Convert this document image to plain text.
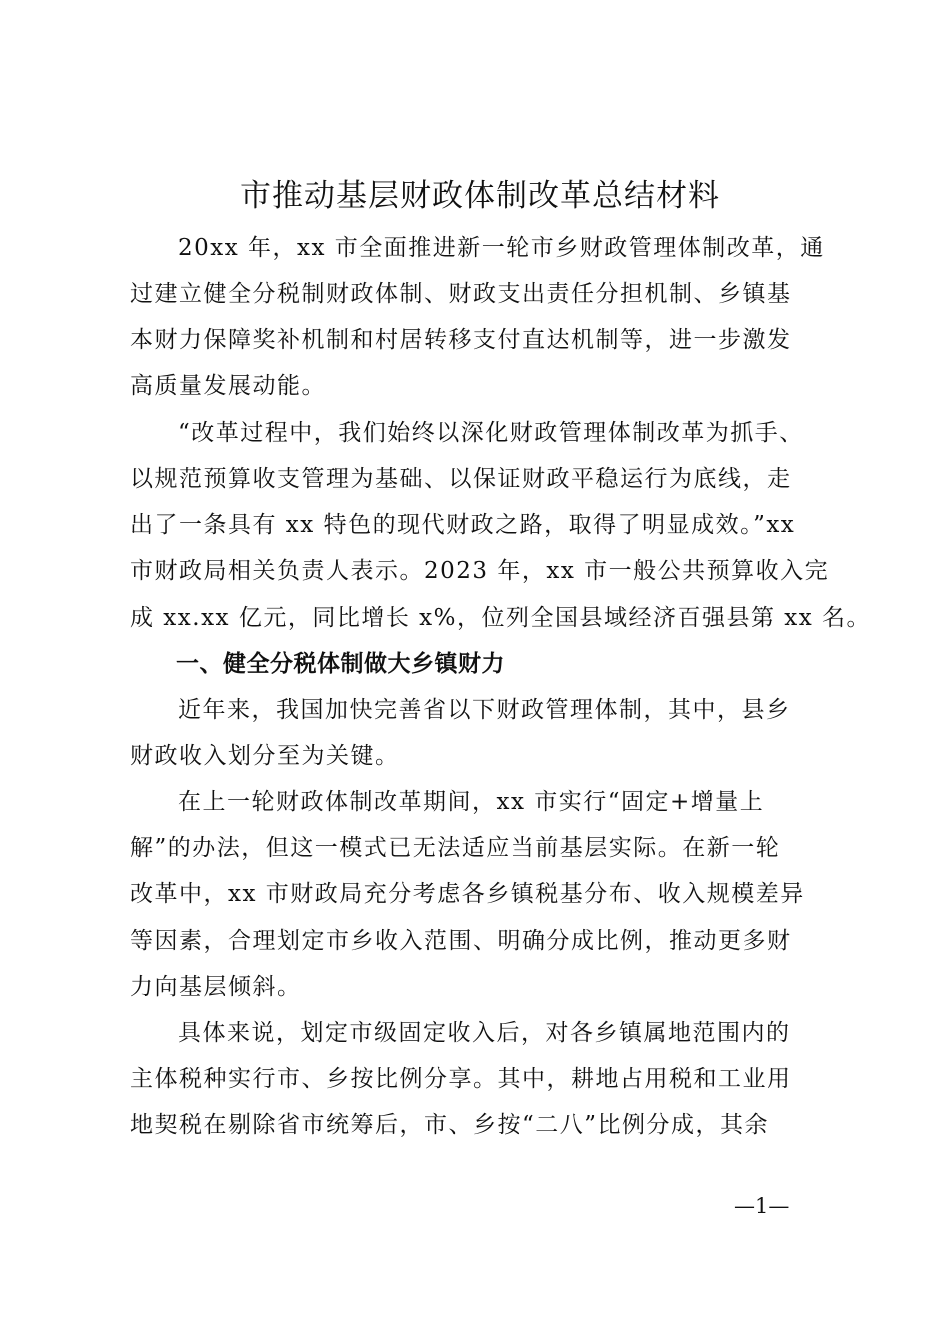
市推动基层财政体制改革总结材料
20xx 年，xx 市全面推进新一轮市乡财政管理体制改革，通
过建立健全分税制财政体制、财政支出责任分担机制、乡镇基
本财力保障奖补机制和村居转移支付直达机制等，进一步激发
高质量发展动能。
“改革过程中，我们始终以深化财政管理体制改革为抓手、
以规范预算收支管理为基础、以保证财政平稳运行为底线，走
出了一条具有 xx 特色的现代财政之路，取得了明显成效。”xx
市财政局相关负责人表示。2023 年，xx 市一般公共预算收入完
成 xx.xx 亿元，同比增长 x%，位列全国县域经济百强县第 xx 名。
一、健全分税体制做大乡镇财力
近年来，我国加快完善省以下财政管理体制，其中，县乡
财政收入划分至为关键。
在上一轮财政体制改革期间，xx 市实行“固定+增量上
解”的办法，但这一模式已无法适应当前基层实际。在新一轮
改革中，xx 市财政局充分考虑各乡镇税基分布、收入规模差异
等因素，合理划定市乡收入范围、明确分成比例，推动更多财
力向基层倾斜。
具体来说，划定市级固定收入后，对各乡镇属地范围内的
主体税种实行市、乡按比例分享。其中，耕地占用税和工业用
地契税在剔除省市统筹后，市、乡按“二八”比例分成，其余
—1—
